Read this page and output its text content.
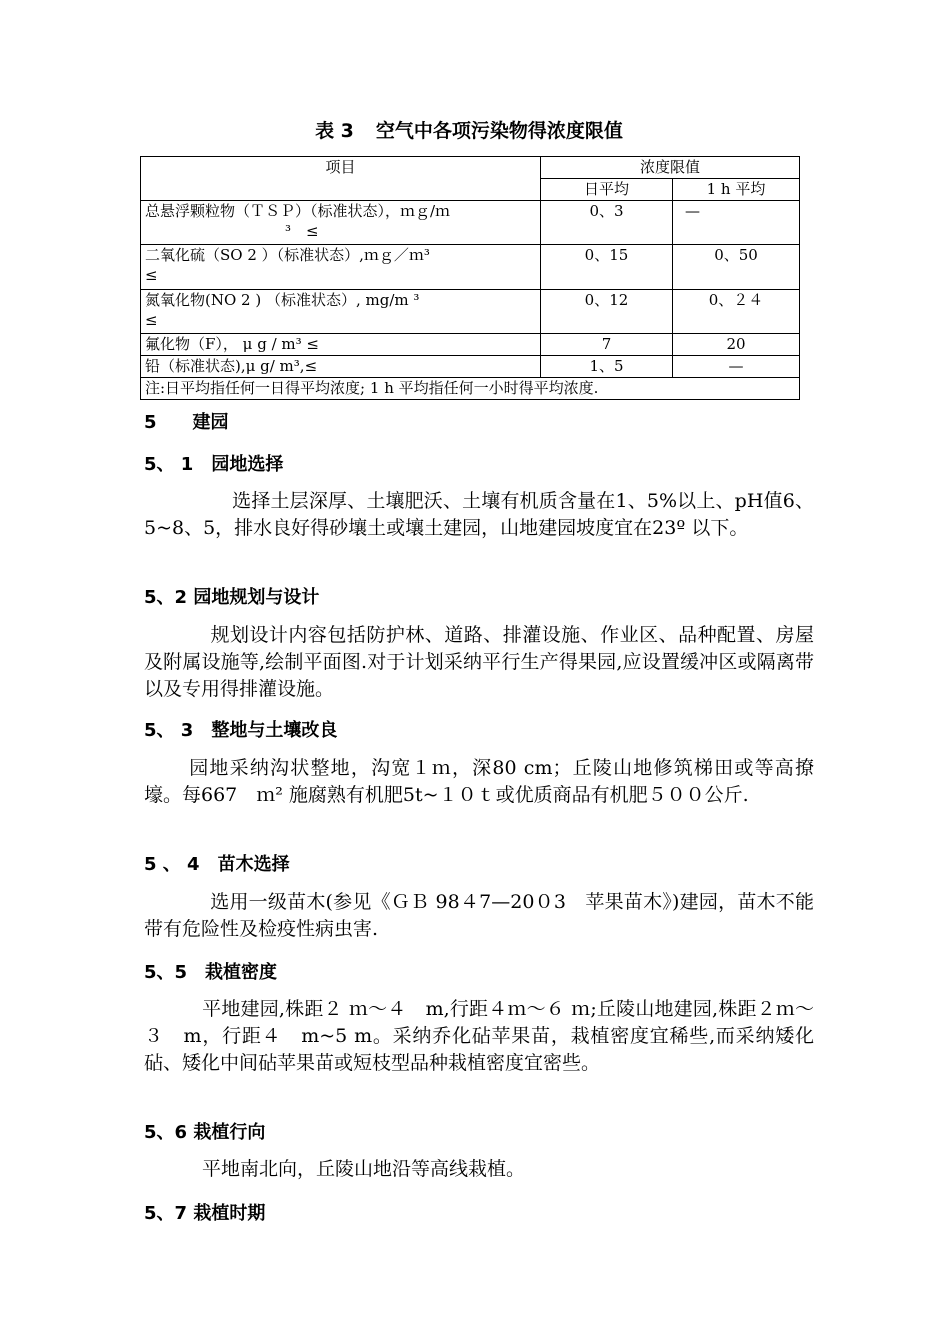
表 3 空气中各项污染物得浓度限值
项目	浓度限值	
	日平均	1 h 平均
总悬浮颗粒物（ＴＳＰ）（标准状态），ｍｇ/ｍ
³　≤	0、3	—
二氧化硫（SO 2 ）（标准状态）,ｍｇ／ｍ³
≤	0、15	0、50
氮氧化物(NO 2 ) （标准状态）, mg/m ³
≤	0、12	0、２４
氟化物（F）， μ g / m³ ≤	7	20
铅（标准状态),μ g/ m³,≤	1、5	—
注:日平均指任何一日得平均浓度; 1 h 平均指任何一小时得平均浓度.		
5　　建园
5、 1　园地选择
选择土层深厚、土壤肥沃、土壤有机质含量在1、5%以上、pH值6、 5~8、5，排水良好得砂壤土或壤土建园，山地建园坡度宜在23º 以下。
5、2 园地规划与设计
规划设计内容包括防护林、道路、排灌设施、作业区、品种配置、房屋及附属设施等,绘制平面图.对于计划采纳平行生产得果园,应设置缓冲区或隔离带以及专用得排灌设施。
5、 3　整地与土壤改良
园地采纳沟状整地，沟宽１ｍ，深80 cm；丘陵山地修筑梯田或等高撩壕。每667　ｍ² 施腐熟有机肥5t~１０ｔ或优质商品有机肥５００公斤.
5 、 4　苗木选择
选用一级苗木(参见《ＧＢ 98４7—20０3　苹果苗木》)建园，苗木不能带有危险性及检疫性病虫害.
5、5　栽植密度
平地建园,株距２ ｍ～４　m,行距４ｍ～６ ｍ;丘陵山地建园,株距２ｍ～３　m，行距４　m~5 m。采纳乔化砧苹果苗，栽植密度宜稀些,而采纳矮化砧、矮化中间砧苹果苗或短枝型品种栽植密度宜密些。
5、6 栽植行向
平地南北向，丘陵山地沿等高线栽植。
5、7 栽植时期
